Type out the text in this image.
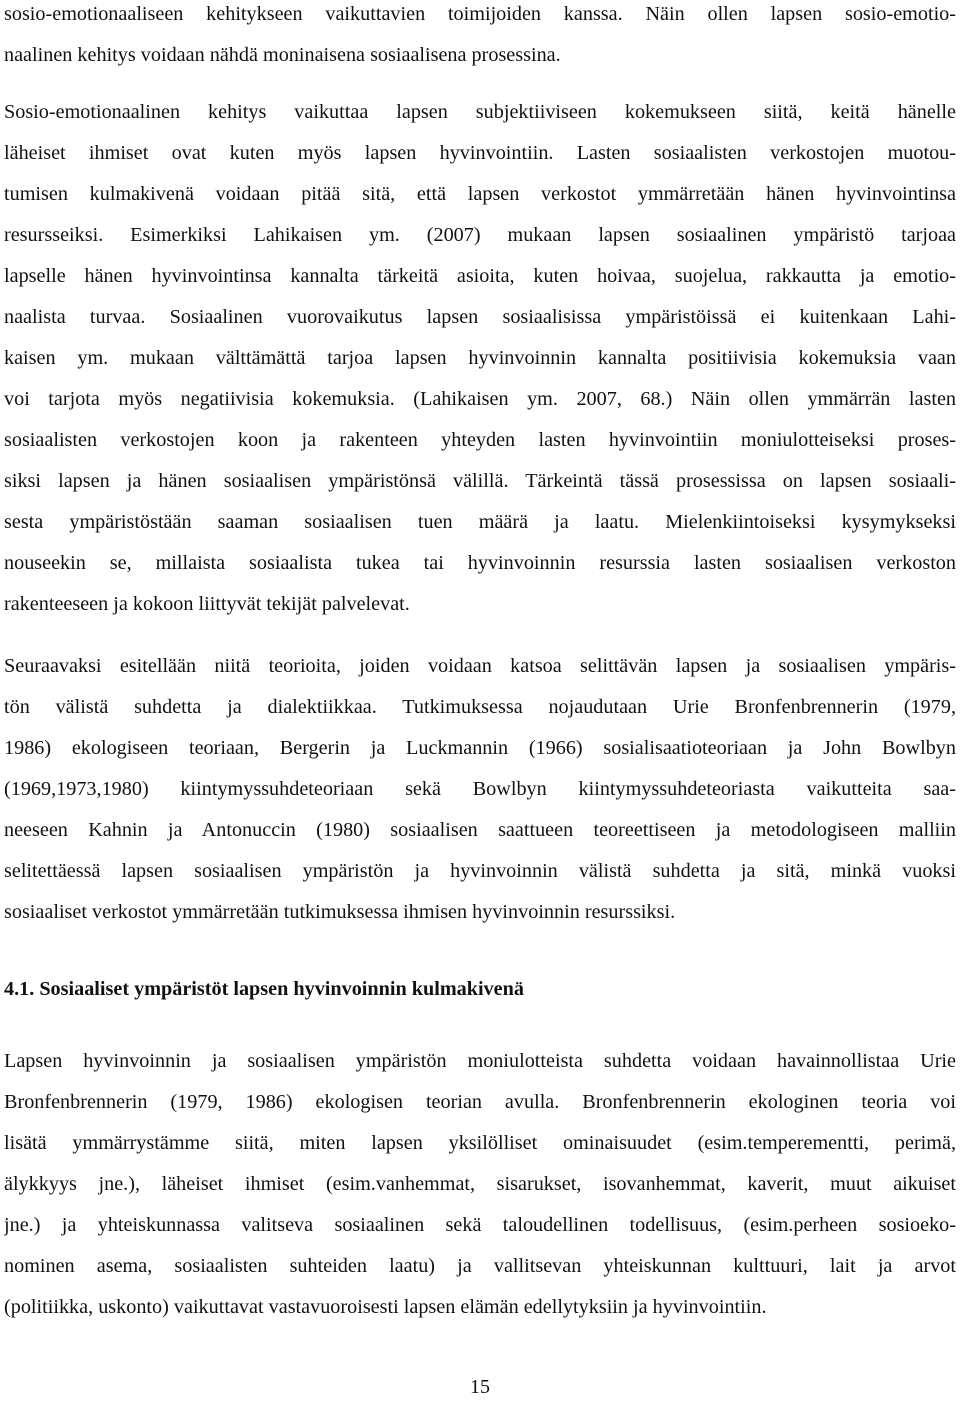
sosio-emotionaaliseen kehitykseen vaikuttavien toimijoiden kanssa. Näin ollen lapsen sosio-emotio-
naalinen kehitys voidaan nähdä moninaisena sosiaalisena prosessina.
Sosio-emotionaalinen kehitys vaikuttaa lapsen subjektiiviseen kokemukseen siitä, keitä hänelle
läheiset ihmiset ovat kuten myös lapsen hyvinvointiin. Lasten sosiaalisten verkostojen muotou-
tumisen kulmakivenä voidaan pitää sitä, että lapsen verkostot ymmärretään hänen hyvinvointinsa
resursseiksi. Esimerkiksi Lahikaisen ym. (2007) mukaan lapsen sosiaalinen ympäristö tarjoaa
lapselle hänen hyvinvointinsa kannalta tärkeitä asioita, kuten hoivaa, suojelua, rakkautta ja emotio-
naalista turvaa. Sosiaalinen vuorovaikutus lapsen sosiaalisissa ympäristöissä ei kuitenkaan Lahi-
kaisen ym. mukaan välttämättä tarjoa lapsen hyvinvoinnin kannalta positiivisia kokemuksia vaan
voi tarjota myös negatiivisia kokemuksia. (Lahikaisen ym. 2007, 68.) Näin ollen ymmärrän lasten
sosiaalisten verkostojen koon ja rakenteen yhteyden lasten hyvinvointiin moniulotteiseksi proses-
siksi lapsen ja hänen sosiaalisen ympäristönsä välillä. Tärkeintä tässä prosessissa on lapsen sosiaali-
sesta ympäristöstään saaman sosiaalisen tuen määrä ja laatu. Mielenkiintoiseksi kysymykseksi
nouseekin se, millaista sosiaalista tukea tai hyvinvoinnin resurssia lasten sosiaalisen verkoston
rakenteeseen ja kokoon liittyvät tekijät palvelevat.
Seuraavaksi esitellään niitä teorioita, joiden voidaan katsoa selittävän lapsen ja sosiaalisen ympäris-
tön välistä suhdetta ja dialektiikkaa. Tutkimuksessa nojaudutaan Urie Bronfenbrennerin (1979,
1986) ekologiseen teoriaan, Bergerin ja Luckmannin (1966) sosialisaatioteoriaan ja John Bowlbyn
(1969,1973,1980) kiintymyssuhdeteoriaan sekä Bowlbyn kiintymyssuhdeteoriasta vaikutteita saa-
neeseen Kahnin ja Antonuccin (1980) sosiaalisen saattueen teoreettiseen ja metodologiseen malliin
selitettäessä lapsen sosiaalisen ympäristön ja hyvinvoinnin välistä suhdetta ja sitä, minkä vuoksi
sosiaaliset verkostot ymmärretään tutkimuksessa ihmisen hyvinvoinnin resurssiksi.
4.1. Sosiaaliset ympäristöt lapsen hyvinvoinnin kulmakivenä
Lapsen hyvinvoinnin ja sosiaalisen ympäristön moniulotteista suhdetta voidaan havainnollistaa Urie
Bronfenbrennerin (1979, 1986) ekologisen teorian avulla. Bronfenbrennerin ekologinen teoria voi
lisätä ymmärrystämme siitä, miten lapsen yksilölliset ominaisuudet (esim.temperementti, perimä,
älykkyys jne.), läheiset ihmiset (esim.vanhemmat, sisarukset, isovanhemmat, kaverit, muut aikuiset
jne.) ja yhteiskunnassa valitseva sosiaalinen sekä taloudellinen todellisuus, (esim.perheen sosioeko-
nominen asema, sosiaalisten suhteiden laatu) ja vallitsevan yhteiskunnan kulttuuri, lait ja arvot
(politiikka, uskonto) vaikuttavat vastavuoroisesti lapsen elämän edellytyksiin ja hyvinvointiin.
15
